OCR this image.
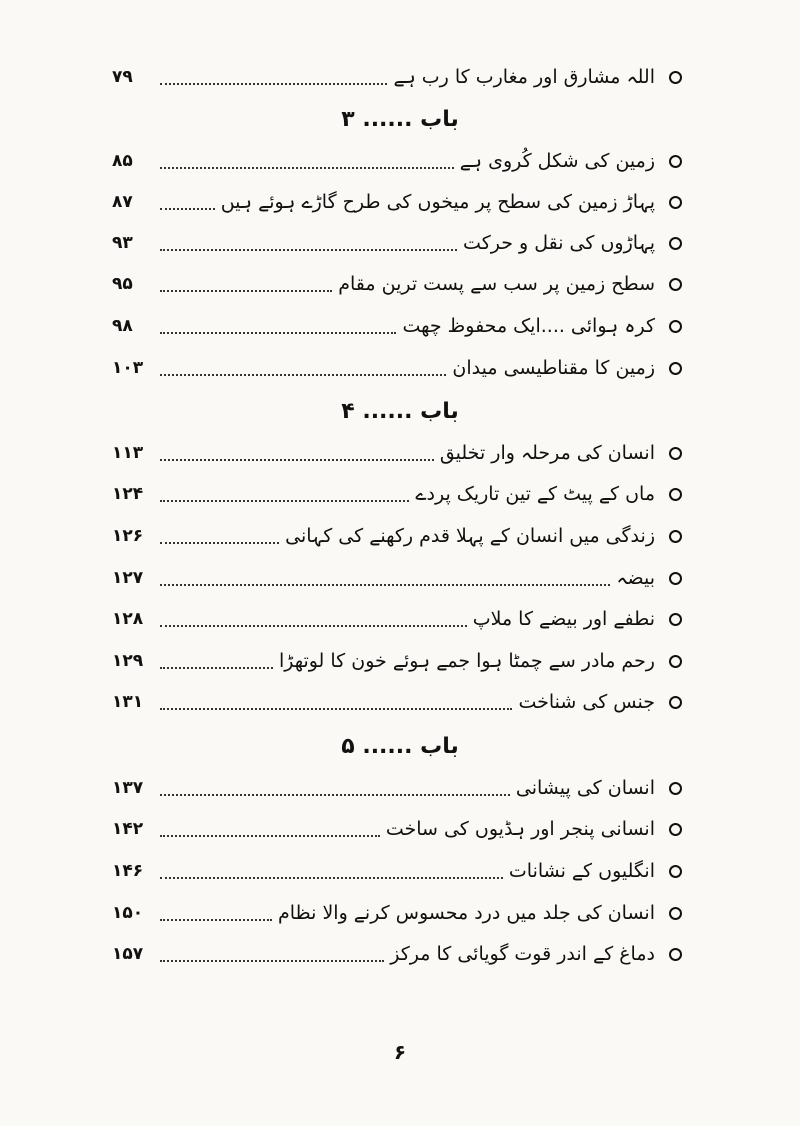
اللہ مشارق اور مغارب کا رب ہے
۷۹
باب ...... ۳
زمین کی شکل کُروی ہے
۸۵
پہاڑ زمین کی سطح پر میخوں کی طرح گاڑے ہوئے ہیں
۸۷
پہاڑوں کی نقل و حرکت
۹۳
سطح زمین پر سب سے پست ترین مقام
۹۵
کرہ ہوائی ....ایک محفوظ چھت
۹۸
زمین کا مقناطیسی میدان
۱۰۳
باب ...... ۴
انسان کی مرحلہ وار تخلیق
۱۱۳
ماں کے پیٹ کے تین تاریک پردے
۱۲۴
زندگی میں انسان کے پہلا قدم رکھنے کی کہانی
۱۲۶
بیضہ
۱۲۷
نطفے اور بیضے کا ملاپ
۱۲۸
رحم مادر سے چمٹا ہوا جمے ہوئے خون کا لوتھڑا
۱۲۹
جنس کی شناخت
۱۳۱
باب ...... ۵
انسان کی پیشانی
۱۳۷
انسانی پنجر اور ہڈیوں کی ساخت
۱۴۲
انگلیوں کے نشانات
۱۴۶
انسان کی جلد میں درد محسوس کرنے والا نظام
۱۵۰
دماغ کے اندر قوت گویائی کا مرکز
۱۵۷
۶
